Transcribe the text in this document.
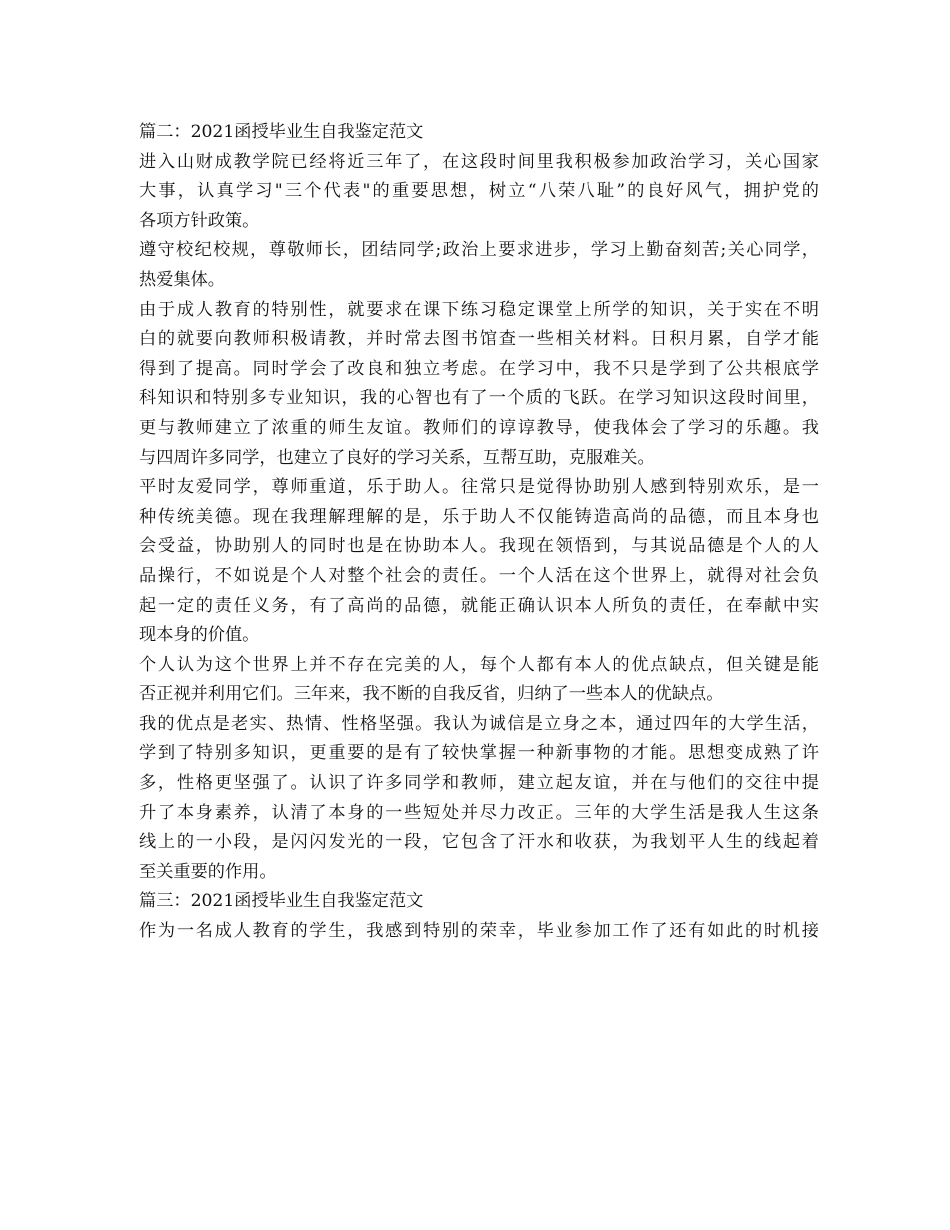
篇二：2021函授毕业生自我鉴定范文
进入山财成教学院已经将近三年了，在这段时间里我积极参加政治学习，关心国家
大事，认真学习"三个代表"的重要思想，树立“八荣八耻”的良好风气，拥护党的
各项方针政策。
遵守校纪校规，尊敬师长，团结同学;政治上要求进步，学习上勤奋刻苦;关心同学，
热爱集体。
由于成人教育的特别性，就要求在课下练习稳定课堂上所学的知识，关于实在不明
白的就要向教师积极请教，并时常去图书馆查一些相关材料。日积月累，自学才能
得到了提高。同时学会了改良和独立考虑。在学习中，我不只是学到了公共根底学
科知识和特别多专业知识，我的心智也有了一个质的飞跃。在学习知识这段时间里，
更与教师建立了浓重的师生友谊。教师们的谆谆教导，使我体会了学习的乐趣。我
与四周许多同学，也建立了良好的学习关系，互帮互助，克服难关。
平时友爱同学，尊师重道，乐于助人。往常只是觉得协助别人感到特别欢乐，是一
种传统美德。现在我理解理解的是，乐于助人不仅能铸造高尚的品德，而且本身也
会受益，协助别人的同时也是在协助本人。我现在领悟到，与其说品德是个人的人
品操行，不如说是个人对整个社会的责任。一个人活在这个世界上，就得对社会负
起一定的责任义务，有了高尚的品德，就能正确认识本人所负的责任，在奉献中实
现本身的价值。
个人认为这个世界上并不存在完美的人，每个人都有本人的优点缺点，但关键是能
否正视并利用它们。三年来，我不断的自我反省，归纳了一些本人的优缺点。
我的优点是老实、热情、性格坚强。我认为诚信是立身之本，通过四年的大学生活，
学到了特别多知识，更重要的是有了较快掌握一种新事物的才能。思想变成熟了许
多，性格更坚强了。认识了许多同学和教师，建立起友谊，并在与他们的交往中提
升了本身素养，认清了本身的一些短处并尽力改正。三年的大学生活是我人生这条
线上的一小段，是闪闪发光的一段，它包含了汗水和收获，为我划平人生的线起着
至关重要的作用。
篇三：2021函授毕业生自我鉴定范文
作为一名成人教育的学生，我感到特别的荣幸，毕业参加工作了还有如此的时机接
